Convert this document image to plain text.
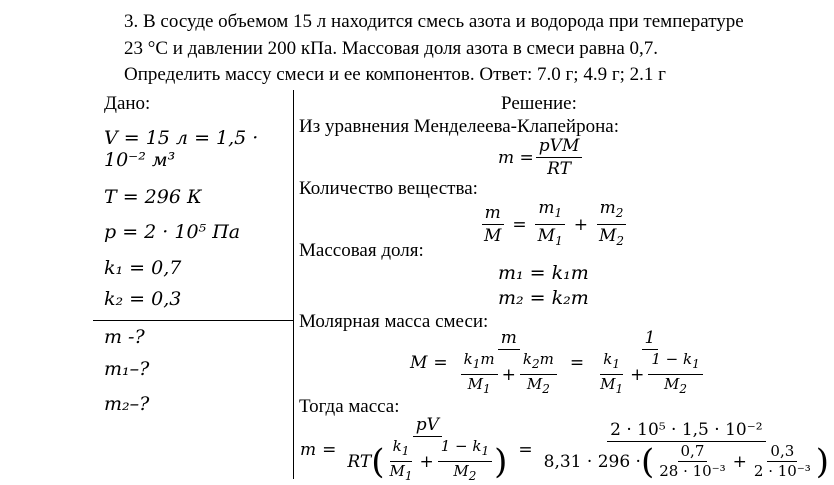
3. В сосуде объемом 15 л находится смесь азота и водорода при температуре

23 °С и давлении 200 кПа. Массовая доля азота в смеси равна 0,7.

Определить массу смеси и ее компонентов. Ответ: 7.0 г; 4.9 г; 2.1 г

Дано:
V = 15 л = 1,5 ·
10⁻² м³
T = 296 К
p = 2 · 10⁵ Па
k₁ = 0,7
k₂ = 0,3
m -?
m₁–?
m₂–?
Решение:
Из уравнения Менделеева-Клапейрона:
$m = \frac{\text{pVM}}{RT}$
Количество вещества:
$\frac{m}{M} = \frac{m_1}{M_1} + \frac{m_2}{M_2}$
Массовая доля:
m₁ = k₁m
m₂ = k₂m
Молярная масса смеси:
$M = \frac{m}{\frac{k_1m}{M_1} + \frac{k_2m}{M_2}} = \frac{1}{\frac{k_1}{M_1} + \frac{1 - k_1}{M_2}}$
Тогда масса:
$m = \frac{pV}{RT ( \frac{k_1}{M_1} + \frac{1 - k_1}{M_2} )}$ =
2 · 10⁵ · 1,5 · 10⁻²
8,31 · 296 · ( $\frac{0,7}{\text{28 · 10⁻³}} + \frac{0,3}{\text{2 · 10⁻³}}$ )
